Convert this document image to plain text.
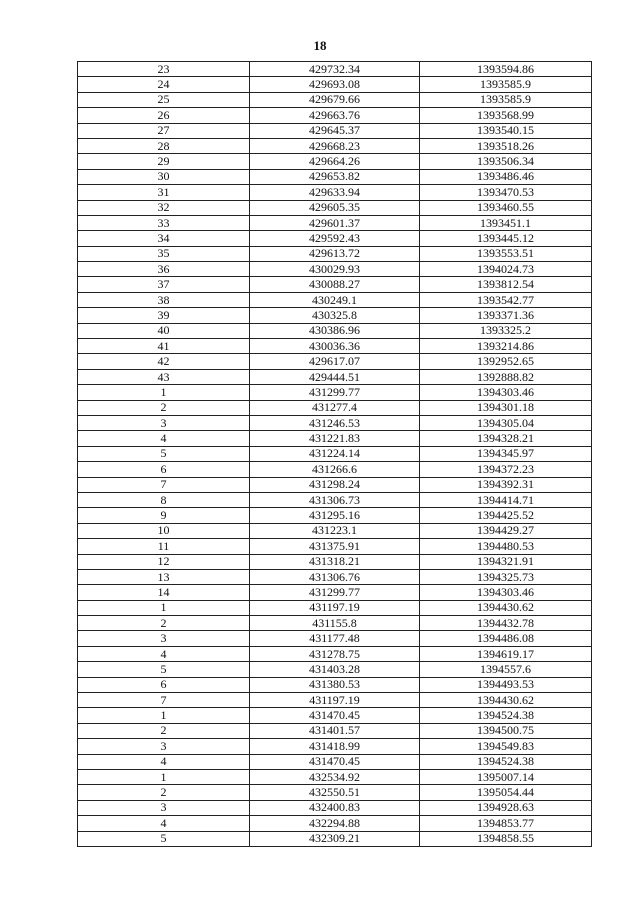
18
23	429732.34	1393594.86
24	429693.08	1393585.9
25	429679.66	1393585.9
26	429663.76	1393568.99
27	429645.37	1393540.15
28	429668.23	1393518.26
29	429664.26	1393506.34
30	429653.82	1393486.46
31	429633.94	1393470.53
32	429605.35	1393460.55
33	429601.37	1393451.1
34	429592.43	1393445.12
35	429613.72	1393553.51
36	430029.93	1394024.73
37	430088.27	1393812.54
38	430249.1	1393542.77
39	430325.8	1393371.36
40	430386.96	1393325.2
41	430036.36	1393214.86
42	429617.07	1392952.65
43	429444.51	1392888.82
1	431299.77	1394303.46
2	431277.4	1394301.18
3	431246.53	1394305.04
4	431221.83	1394328.21
5	431224.14	1394345.97
6	431266.6	1394372.23
7	431298.24	1394392.31
8	431306.73	1394414.71
9	431295.16	1394425.52
10	431223.1	1394429.27
11	431375.91	1394480.53
12	431318.21	1394321.91
13	431306.76	1394325.73
14	431299.77	1394303.46
1	431197.19	1394430.62
2	431155.8	1394432.78
3	431177.48	1394486.08
4	431278.75	1394619.17
5	431403.28	1394557.6
6	431380.53	1394493.53
7	431197.19	1394430.62
1	431470.45	1394524.38
2	431401.57	1394500.75
3	431418.99	1394549.83
4	431470.45	1394524.38
1	432534.92	1395007.14
2	432550.51	1395054.44
3	432400.83	1394928.63
4	432294.88	1394853.77
5	432309.21	1394858.55
